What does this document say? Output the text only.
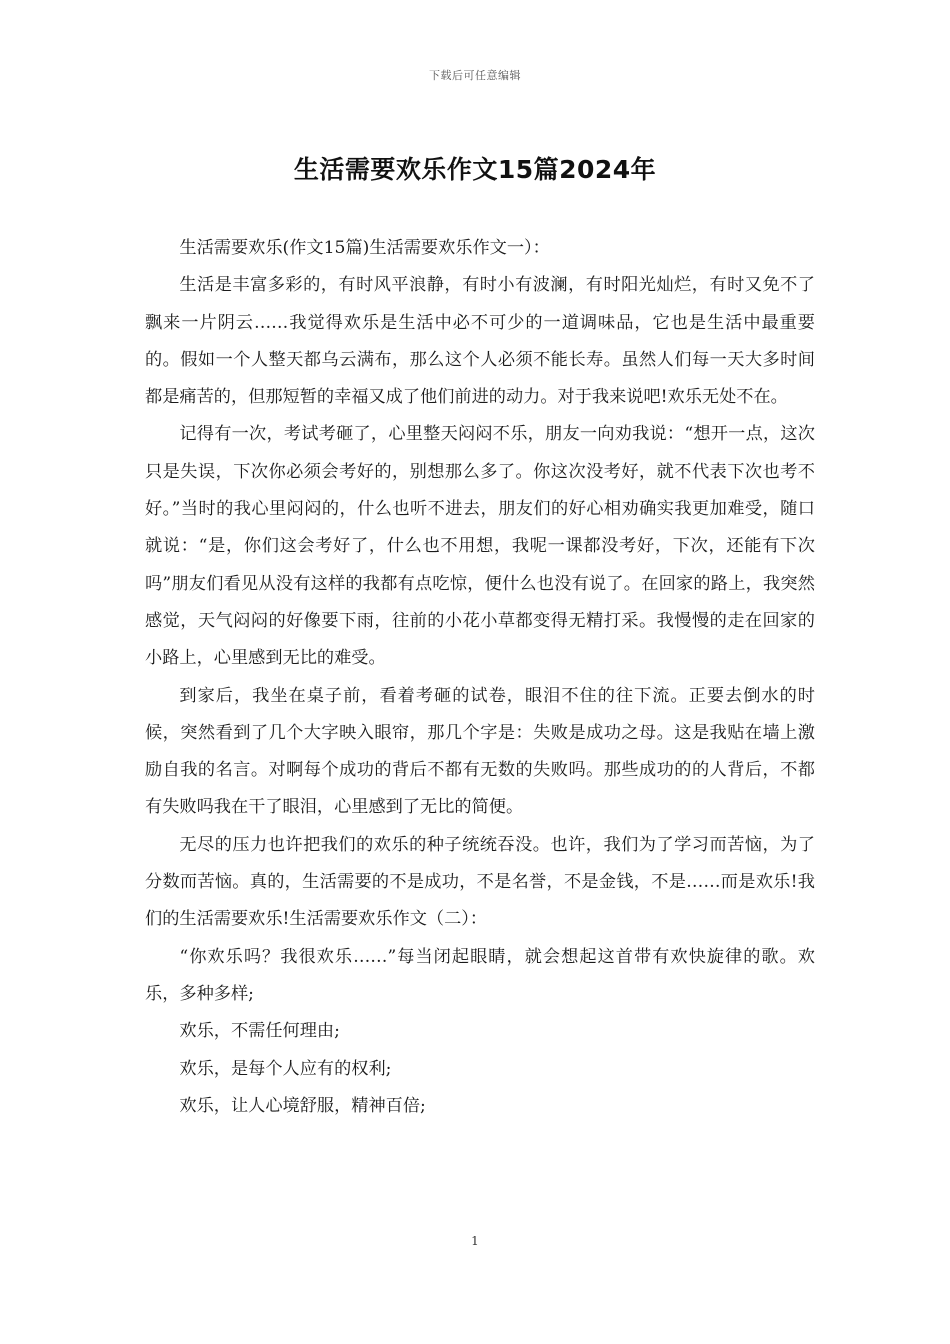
下载后可任意编辑
生活需要欢乐作文15篇2024年

生活需要欢乐(作文15篇)生活需要欢乐作文一）：

生活是丰富多彩的，有时风平浪静，有时小有波澜，有时阳光灿烂，有时又免不了飘来一片阴云……我觉得欢乐是生活中必不可少的一道调味品，它也是生活中最重要的。假如一个人整天都乌云满布，那么这个人必须不能长寿。虽然人们每一天大多时间都是痛苦的，但那短暂的幸福又成了他们前进的动力。对于我来说吧!欢乐无处不在。

记得有一次，考试考砸了，心里整天闷闷不乐，朋友一向劝我说：“想开一点，这次只是失误，下次你必须会考好的，别想那么多了。你这次没考好，就不代表下次也考不好。”当时的我心里闷闷的，什么也听不进去，朋友们的好心相劝确实我更加难受，随口就说：“是，你们这会考好了，什么也不用想，我呢一课都没考好，下次，还能有下次吗”朋友们看见从没有这样的我都有点吃惊，便什么也没有说了。在回家的路上，我突然感觉，天气闷闷的好像要下雨，往前的小花小草都变得无精打采。我慢慢的走在回家的小路上，心里感到无比的难受。

到家后，我坐在桌子前，看着考砸的试卷，眼泪不住的往下流。正要去倒水的时候，突然看到了几个大字映入眼帘，那几个字是：失败是成功之母。这是我贴在墙上激励自我的名言。对啊每个成功的背后不都有无数的失败吗。那些成功的的人背后，不都有失败吗我在干了眼泪，心里感到了无比的简便。

无尽的压力也许把我们的欢乐的种子统统吞没。也许，我们为了学习而苦恼，为了分数而苦恼。真的，生活需要的不是成功，不是名誉，不是金钱，不是……而是欢乐!我们的生活需要欢乐!生活需要欢乐作文（二）：

“你欢乐吗？我很欢乐……”每当闭起眼睛，就会想起这首带有欢快旋律的歌。欢乐，多种多样;

欢乐，不需任何理由;

欢乐，是每个人应有的权利;

欢乐，让人心境舒服，精神百倍;

1
